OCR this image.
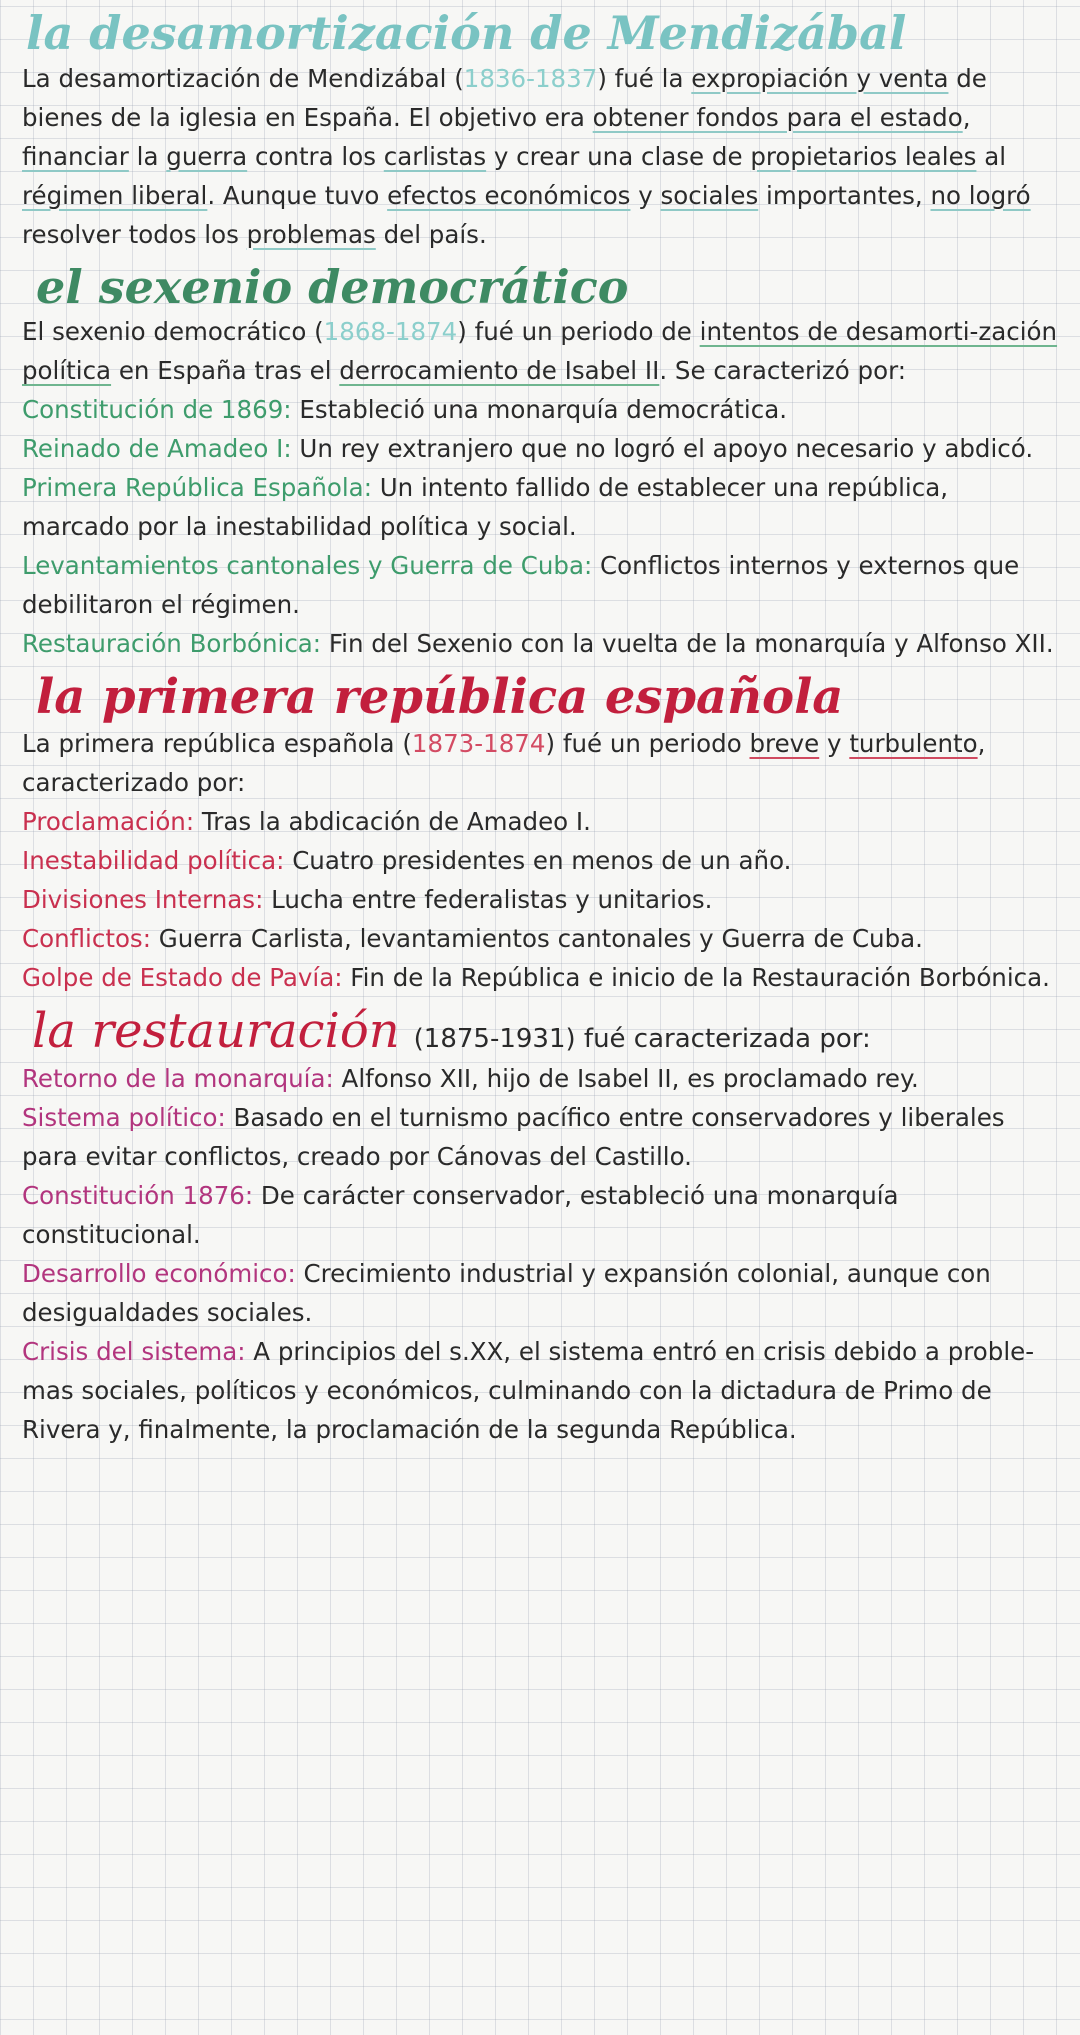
la desamortización de Mendizábal

La desamortización de Mendizábal (1836-1837) fué la expropiación y venta de bienes de la iglesia en España. El objetivo era obtener fondos para el estado, financiar la guerra contra los carlistas y crear una clase de propietarios leales al régimen liberal. Aunque tuvo efectos económicos y sociales importantes, no logró resolver todos los problemas del país.

el sexenio democrático

El sexenio democrático (1868-1874) fué un periodo de intentos de desamorti-zación política en España tras el derrocamiento de Isabel II. Se caracterizó por:

Constitución de 1869: Estableció una monarquía democrática.

Reinado de Amadeo I: Un rey extranjero que no logró el apoyo necesario y abdicó.

Primera República Española: Un intento fallido de establecer una república, marcado por la inestabilidad política y social.

Levantamientos cantonales y Guerra de Cuba: Conflictos internos y externos que debilitaron el régimen.

Restauración Borbónica: Fin del Sexenio con la vuelta de la monarquía y Alfonso XII.

la primera república española

La primera república española (1873-1874) fué un periodo breve y turbulento, caracterizado por:

Proclamación: Tras la abdicación de Amadeo I.

Inestabilidad política: Cuatro presidentes en menos de un año.

Divisiones Internas: Lucha entre federalistas y unitarios.

Conflictos: Guerra Carlista, levantamientos cantonales y Guerra de Cuba.

Golpe de Estado de Pavía: Fin de la República e inicio de la Restauración Borbónica.

la restauración (1875-1931) fué caracterizada por:

Retorno de la monarquía: Alfonso XII, hijo de Isabel II, es proclamado rey.

Sistema político: Basado en el turnismo pacífico entre conservadores y liberales para evitar conflictos, creado por Cánovas del Castillo.

Constitución 1876: De carácter conservador, estableció una monarquía constitucional.

Desarrollo económico: Crecimiento industrial y expansión colonial, aunque con desigualdades sociales.

Crisis del sistema: A principios del s.XX, el sistema entró en crisis debido a proble-mas sociales, políticos y económicos, culminando con la dictadura de Primo de Rivera y, finalmente, la proclamación de la segunda República.
